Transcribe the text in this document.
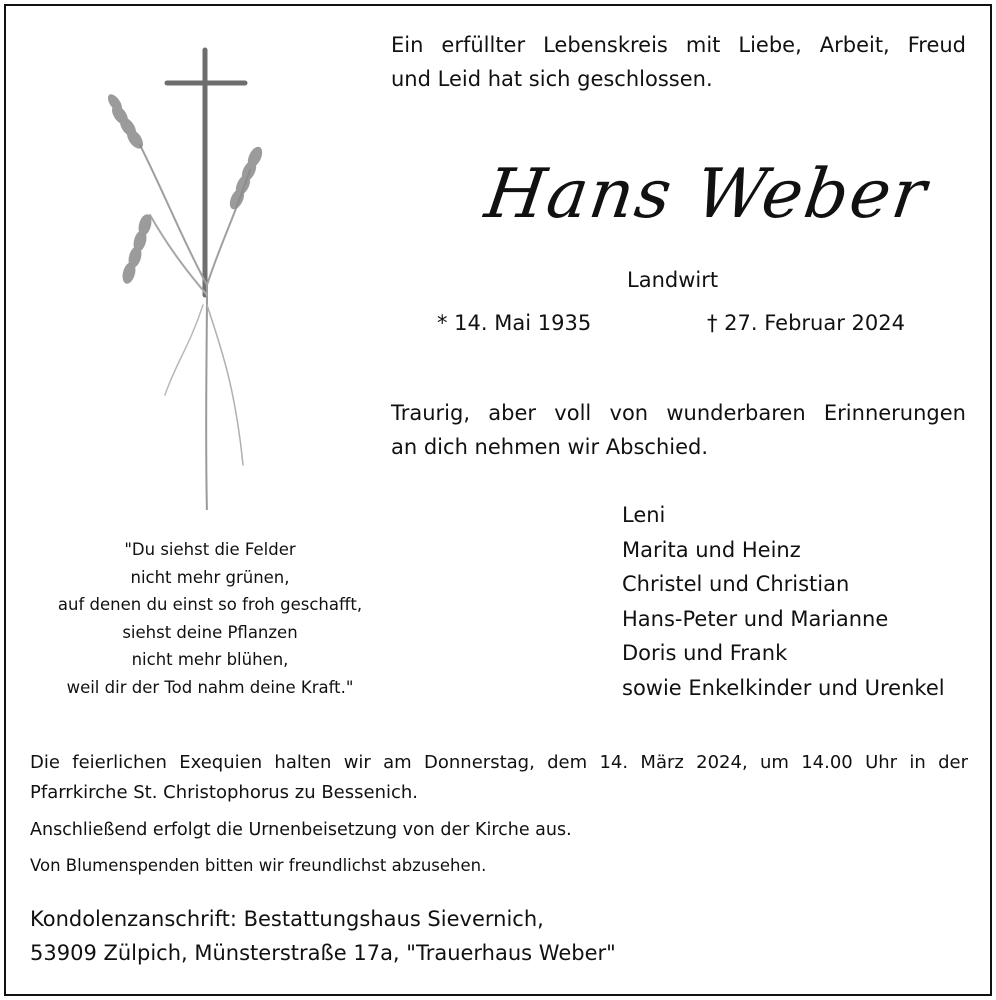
Ein erfüllter Lebenskreis mit Liebe, Arbeit, Freud
und Leid hat sich geschlossen.
Hans Weber
Landwirt
* 14. Mai 1935	† 27. Februar 2024
Traurig, aber voll von wunderbaren Erinnerungen
an dich nehmen wir Abschied.
Leni
Marita und Heinz
Christel und Christian
Hans-Peter und Marianne
Doris und Frank
sowie Enkelkinder und Urenkel
"Du siehst die Felder
nicht mehr grünen,
auf denen du einst so froh geschafft,
siehst deine Pflanzen
nicht mehr blühen,
weil dir der Tod nahm deine Kraft."
Die feierlichen Exequien halten wir am Donnerstag, dem 14. März 2024, um 14.00 Uhr in der
Pfarrkirche St. Christophorus zu Bessenich.
Anschließend erfolgt die Urnenbeisetzung von der Kirche aus.
Von Blumenspenden bitten wir freundlichst abzusehen.
Kondolenzanschrift: Bestattungshaus Sievernich,
53909 Zülpich, Münsterstraße 17a, "Trauerhaus Weber"
